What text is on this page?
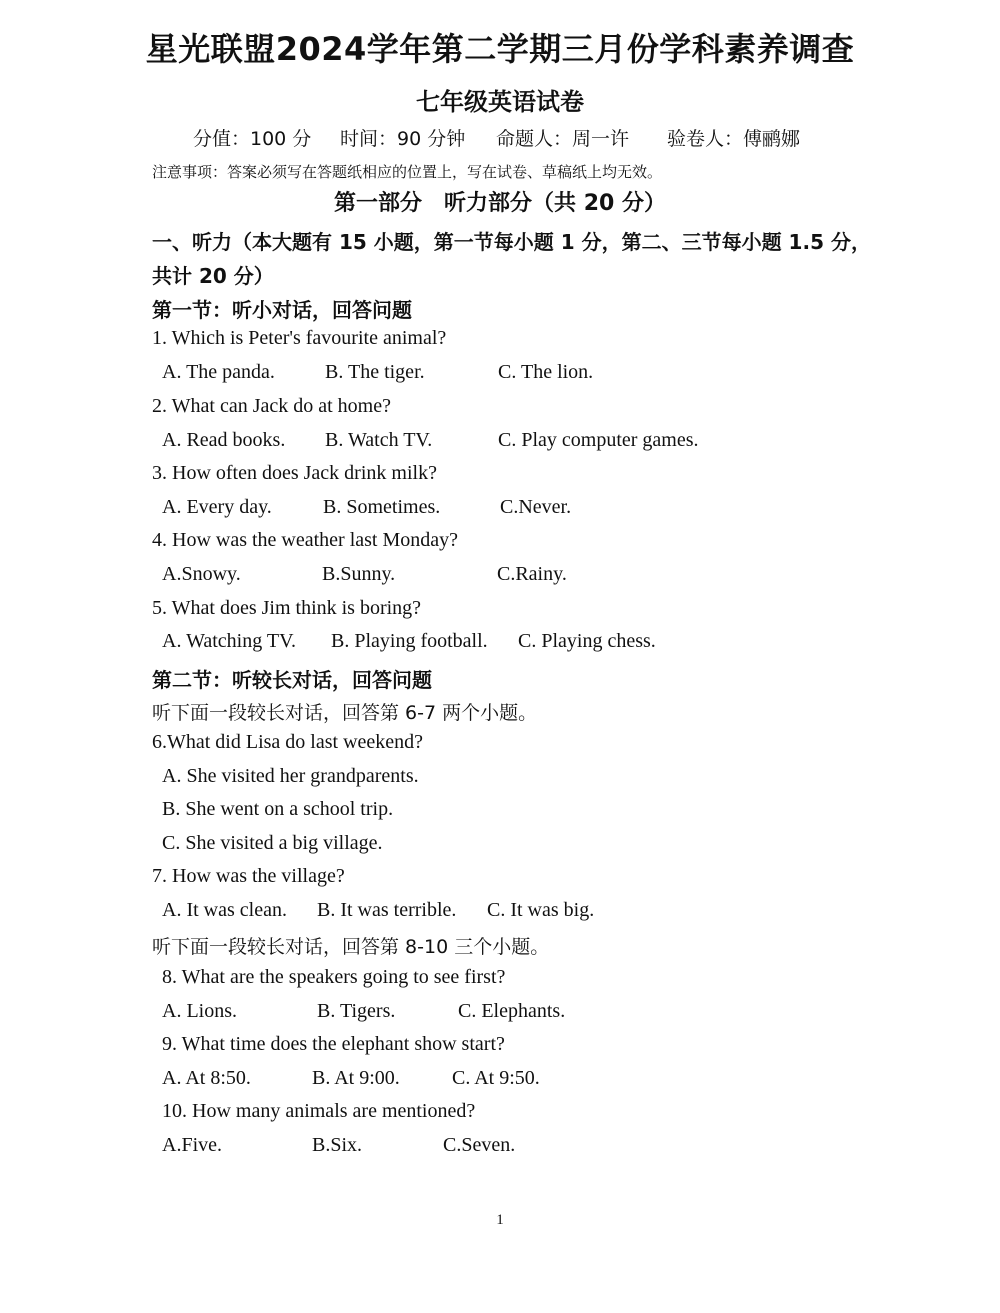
星光联盟2024学年第二学期三月份学科素养调查
七年级英语试卷
分值：100 分 时间：90 分钟 命题人：周一许 验卷人：傅鹂娜
注意事项：答案必须写在答题纸相应的位置上，写在试卷、草稿纸上均无效。
第一部分　听力部分（共 20 分）
一、听力（本大题有 15 小题，第一节每小题 1 分，第二、三节每小题 1.5 分，
共计 20 分）
第一节：听小对话，回答问题
1. Which is Peter's favourite animal?
A. The panda.	B. The tiger.	C. The lion.
2. What can Jack do at home?
A. Read books. B. Watch TV.	C. Play computer games.
3. How often does Jack drink milk?
A. Every day.	B. Sometimes.	C.Never.
4. How was the weather last Monday?
A.Snowy.	B.Sunny.	C.Rainy.
5. What does Jim think is boring?
A. Watching TV. B. Playing football. C. Playing chess.
第二节：听较长对话，回答问题
听下面一段较长对话，回答第 6-7 两个小题。
6.What did Lisa do last weekend?
A. She visited her grandparents.
B. She went on a school trip.
C. She visited a big village.
7. How was the village?
A. It was clean. B. It was terrible. C. It was big.
听下面一段较长对话，回答第 8-10 三个小题。
8. What are the speakers going to see first?
A. Lions.	B. Tigers.	C. Elephants.
9. What time does the elephant show start?
A. At 8:50.	B. At 9:00.	C. At 9:50.
10. How many animals are mentioned?
A.Five.	B.Six.	C.Seven.
1
